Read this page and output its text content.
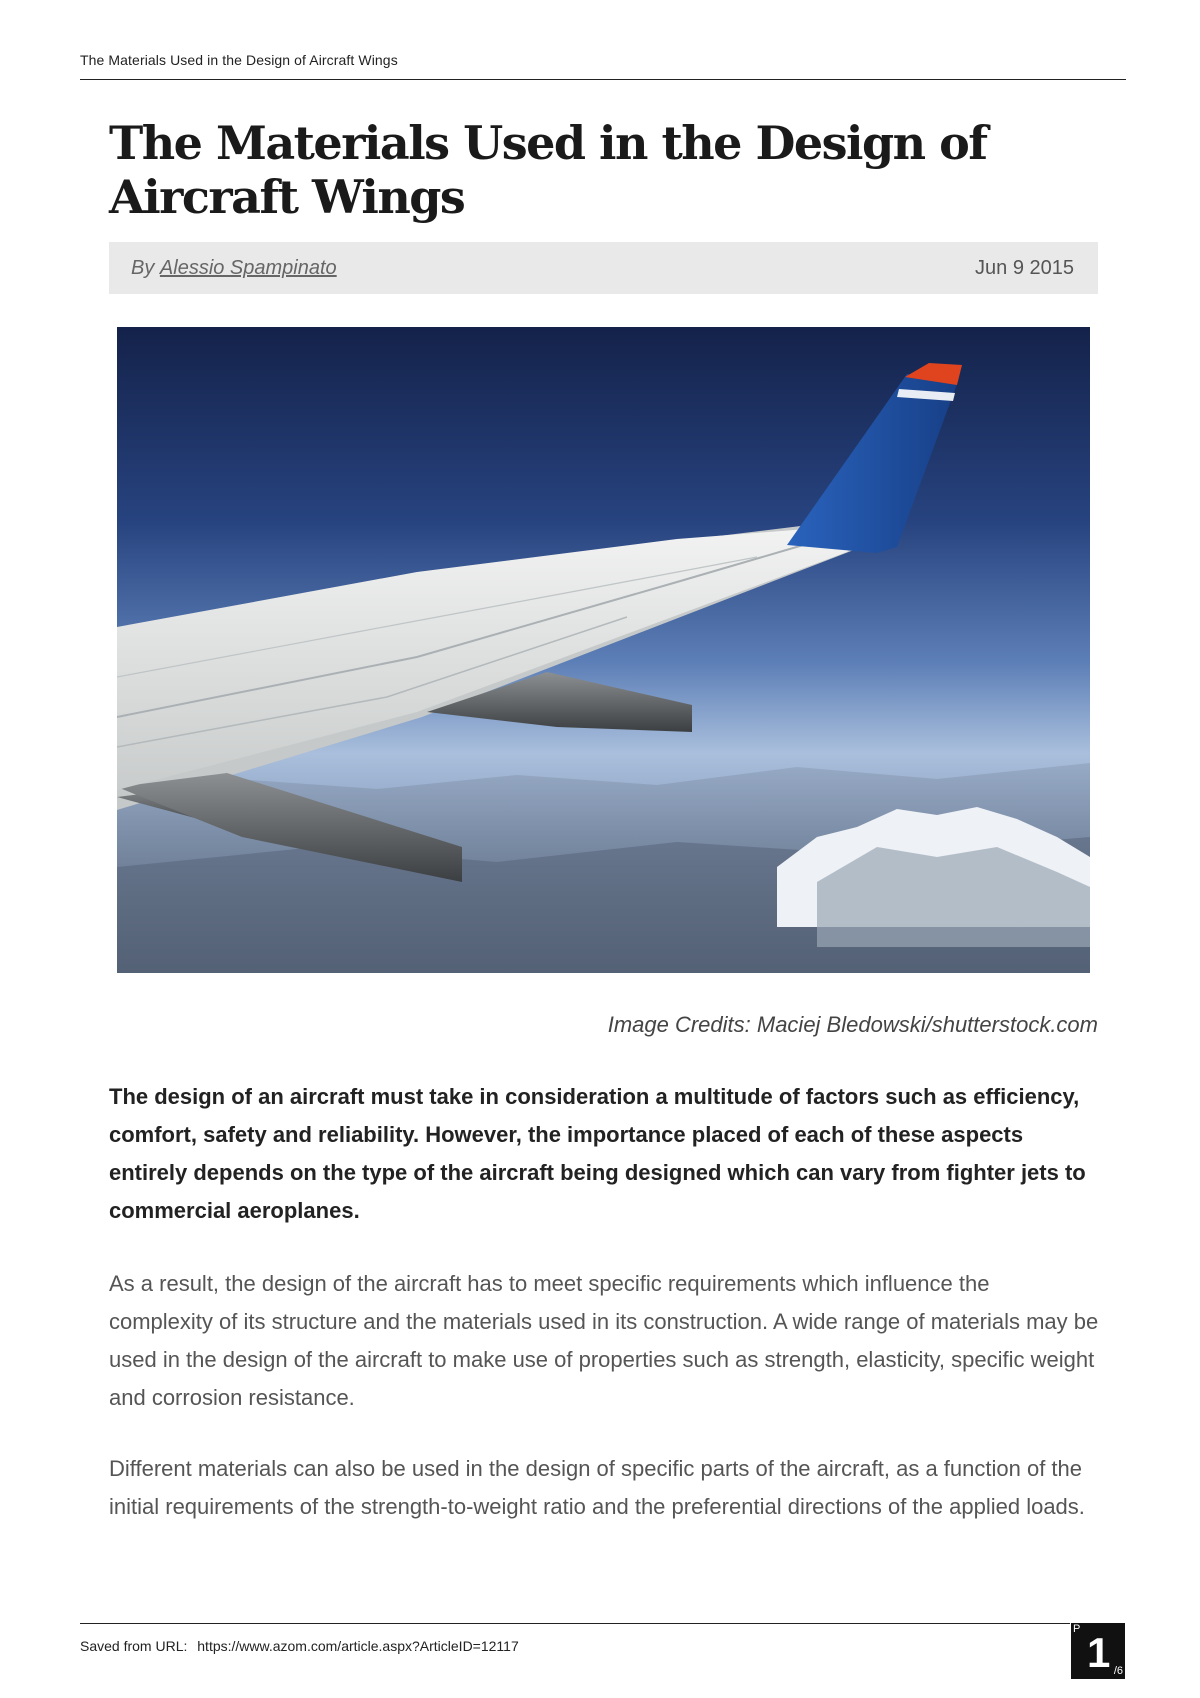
The Materials Used in the Design of Aircraft Wings
The Materials Used in the Design of Aircraft Wings
By Alessio Spampinato	Jun 9 2015
Image Credits: Maciej Bledowski/shutterstock.com

The design of an aircraft must take in consideration a multitude of factors such as efficiency, comfort, safety and reliability. However, the importance placed of each of these aspects entirely depends on the type of the aircraft being designed which can vary from fighter jets to commercial aeroplanes.

As a result, the design of the aircraft has to meet specific requirements which influence the complexity of its structure and the materials used in its construction. A wide range of materials may be used in the design of the aircraft to make use of properties such as strength, elasticity, specific weight and corrosion resistance.

Different materials can also be used in the design of specific parts of the aircraft, as a function of the initial requirements of the strength-to-weight ratio and the preferential directions of the applied loads.

Saved from URL: https://www.azom.com/article.aspx?ArticleID=12117
P 1 /6
